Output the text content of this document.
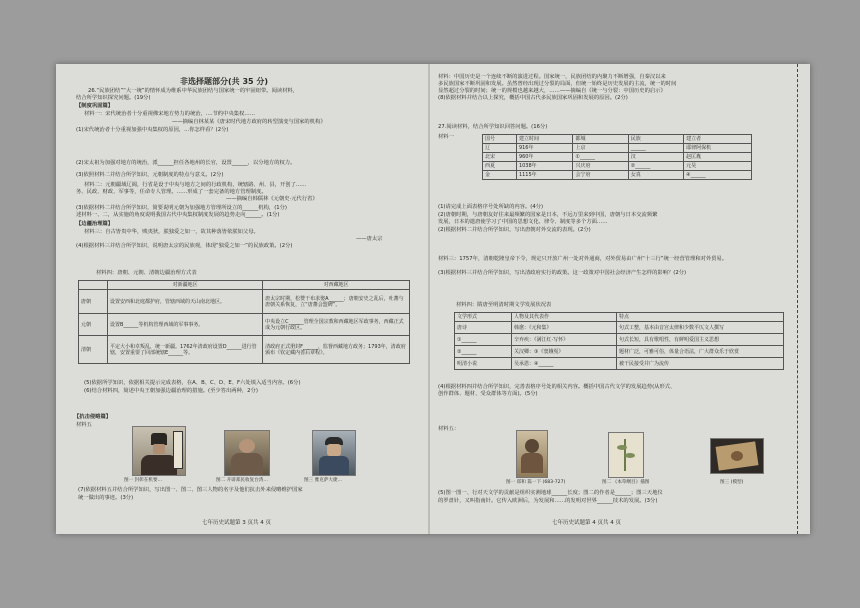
非选择题部分(共 35 分)
26.“民族团结”“大一统”的情怀成为维系中华民族团结与国家统一的牢固纽带。阅读材料，
结合所学知识探究问题。(19分)
【制度巩固篇】
材料一：宋代统治者十分重视佛宋地方势力的统治，....节约中央集权……
——摘编自林某某《唐宋时代地方政府的转型演变与国家的机构》
(1)宋代统治者十分重视加强中央集权的原因，...你怎样看？(2分)
(2)宋太祖为加强对地方的统治，派______担任各地州的长官，设置______，以分地方的权力。
(3)依照材料二并结合所学知识，元朝制度的特点与意义。(2分)
材料二：元朝疆域辽阔，行省是设于中央与地方之间的行政机构，统辖路、州、县，开创了……
务、民政、财政、军事等，任命专人管理。……形成了一套完备的地方管理制度。
——摘编自韩儒林《元朝史·元代行省》
(3)依据材料二并结合所学知识，简要说明元朝为加强地方管理所设立的______机构，(1分)
述材料一、二，从实施的角度说明我国古代中央集权制度发展的趋势走向______。(1分)
【边疆治理篇】
材料三：自古皆贵中华，贱夷狄，朕独爱之如一，故其种落皆依朕如父母。
——唐太宗
(4)根据材料三并结合所学知识，说明唐太宗的民族观，体现“独爱之如一”的民族政策。(2分)
材料四：唐朝、元朝、清朝边疆治理方式表
	对新疆地区	对西藏地区
唐朝	设置安西和北庭都护府，管辖西域的天山南北地区。	唐太宗时期，松赞干布求娶A______；唐朝安史之乱后，吐蕃与唐朝关系恢复，立“唐蕃会盟碑”。
元朝	设置B______等机构管理西域的军事事务。	中央设立C______管理全国宗教和西藏地区军政事务，西藏正式成为元朝行政区。
清朝	平定大小和卓叛乱，统一新疆。1762年清政府设置D______进行管辖，安置重要了回部统辖E______等。	清政府正式册封F______，监督西藏地方政务；1793年，清政府颁布《钦定藏内善后章程》。
(5)依据所学知识，依据相关提示完成表格，在A、B、C、D、E、F六处填入适当内容。(6分)
(6)结合材料四，简述中央王朝加强边疆治理的措施。(至少答出两种，2分)
【抗击侵略篇】
材料五
图一 封彰在机要...	图二 开辟郑民收复台湾...	图三 雅克萨大捷...
(7)依据材料五并结合所学知识，写出图一、图二、图三人物的名字及他们抗击外来侵略维护国家
统一做出的事迹。(3分)
七年历史试题第 3 页共 4 页
材料：中国历史是一个连续不断的演进过程。国家统一，民族团结的内聚力不断增强，自秦汉以来
多民族国家不断巩固和发展。虽然曾经出现过分裂的局面，但统一始终是历史发展的主流，统一的时间
显然超过分裂的时间；统一的规模也越来越大，……——摘编自《统一与分裂：中国历史的启示》
(8)依据材料并结合以上探究，概括中国古代多民族国家巩固和发展的原因。(2分)
27.阅读材料，结合所学知识回答问题。(16分)
材料一	国号	建立时间	都城	民族	建立者
辽	916年	上京	______	耶律阿保机
北宋	960年	①______	汉	赵匡胤
西夏	1038年	兴庆府	②______	元昊
金	1115年	会宁府	女真	④______
(1)请完成上面表格序号处所缺的内容。(4分)
(2)唐朝时期，与唐朝友好往来最频繁的国家是日本，不远万里来到中国，唐朝与日本交流频繁
发展，日本的遣唐使学习了中国的思想文化、律令、制度等多个方面……
(2)根据材料二并结合所学知识，写出唐朝对外交流的表现。(2分)
材料三：1757年，清朝乾隆皇帝下令，规定只开放广州一处对外通商，对外贸易由广州“十三行”统一经营管理和对外贸易。
(3)根据材料三并结合所学知识，写出清政府实行的政策。这一政策对中国社会经济产生怎样的影响？(2分)
材料四：隋唐至明清时期文学发展状况表
文学形式	人物及其代表作	特点
唐诗	韩愈：《元和集》	句式工整，基本由音宫太律和少数平仄文人撰写
①______	辛弃疾：《满江红·写怀》	句式长短，具有歌唱性，有鲜明爱国主义思想
②______	关汉卿：③《窦娥冤》	题材广泛，可雅可俗，体量合语法，广大群众乐于欣赏
明清小说	吴承恩：④______	被干民接受并广为流传
(4)根据材料四并结合所学知识，完善表格序号处的相关内容。概括中国古代文学的发展趋势(从形式、
创作群体、题材、受众群体等方面)。(5分)
材料五：
图一 郑和 篇一下 (683-727)	图二 《本草纲目》插图	图三 (模型)
(5)图一图一、行对天文学的贡献是组织实测地球______长度；图二的作者是______；图三天地仪
的罗盘针，又叫指南针。它传入欧洲后，为发展和……的发明对世界______技术的发展。(3分)
七年历史试题第 4 页共 4 页
